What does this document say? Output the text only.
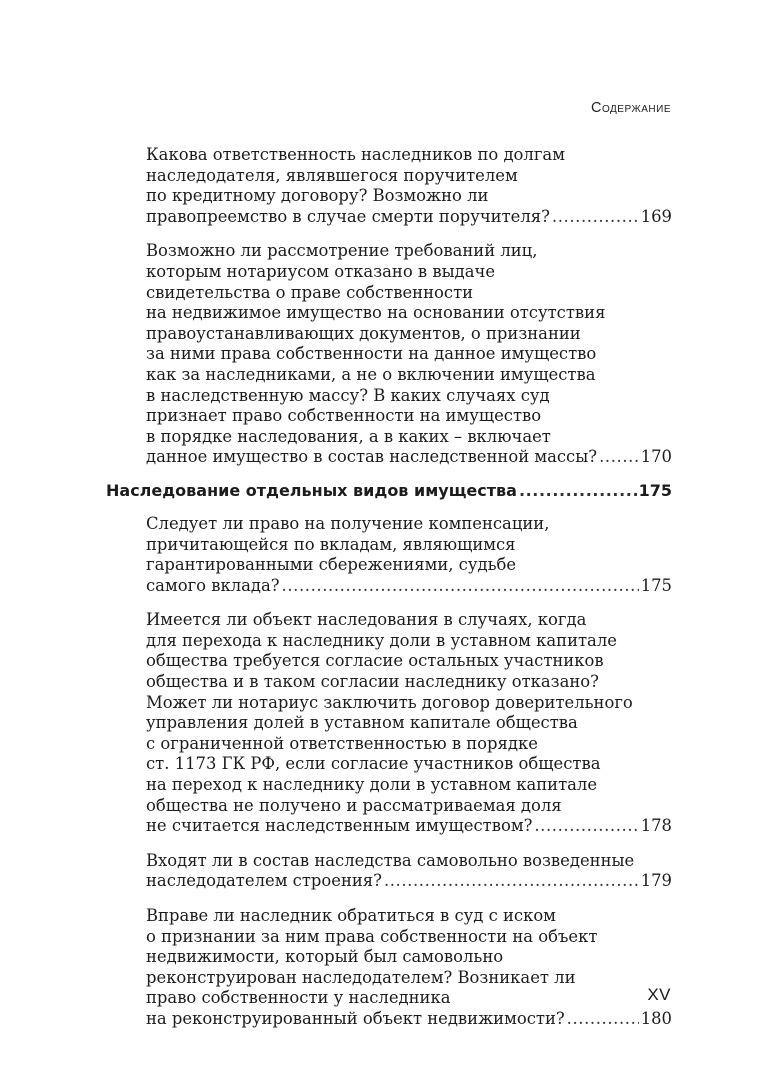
Содержание
Какова ответственность наследников по долгам
наследодателя, являвшегося поручителем
по кредитному договору? Возможно ли
правопреемство в случае смерти поручителя? .....	169
Возможно ли рассмотрение требований лиц,
которым нотариусом отказано в выдаче
свидетельства о праве собственности
на недвижимое имущество на основании отсутствия
правоустанавливающих документов, о признании
за ними права собственности на данное имущество
как за наследниками, а не о включении имущества
в наследственную массу? В каких случаях суд
признает право собственности на имущество
в порядке наследования, а в каких – включает
данное имущество в состав наследственной массы? .....	170
Наследование отдельных видов имущества .....	175
Следует ли право на получение компенсации,
причитающейся по вкладам, являющимся
гарантированными сбережениями, судьбе
самого вклада? .....	175
Имеется ли объект наследования в случаях, когда
для перехода к наследнику доли в уставном капитале
общества требуется согласие остальных участников
общества и в таком согласии наследнику отказано?
Может ли нотариус заключить договор доверительного
управления долей в уставном капитале общества
с ограниченной ответственностью в порядке
ст. 1173 ГК РФ, если согласие участников общества
на переход к наследнику доли в уставном капитале
общества не получено и рассматриваемая доля
не считается наследственным имуществом? .....	178
Входят ли в состав наследства самовольно возведенные
наследодателем строения? .....	179
Вправе ли наследник обратиться в суд с иском
о признании за ним права собственности на объект
недвижимости, который был самовольно
реконструирован наследодателем? Возникает ли
право собственности у наследника
на реконструированный объект недвижимости? .....	180
XV
